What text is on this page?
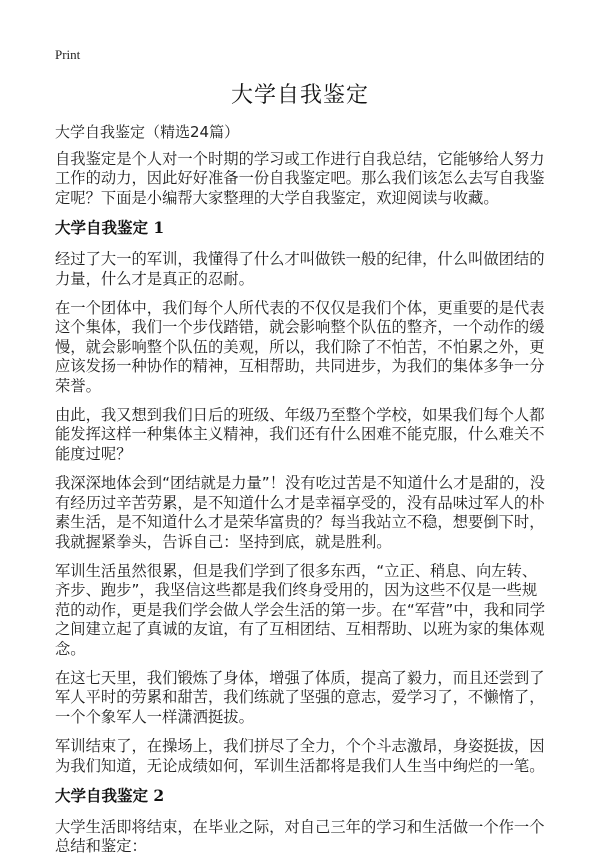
Print
大学自我鉴定
大学自我鉴定（精选24篇）

自我鉴定是个人对一个时期的学习或工作进行自我总结，它能够给人努力工作的动力，因此好好准备一份自我鉴定吧。那么我们该怎么去写自我鉴定呢？下面是小编帮大家整理的大学自我鉴定，欢迎阅读与收藏。

大学自我鉴定 1

经过了大一的军训，我懂得了什么才叫做铁一般的纪律，什么叫做团结的力量，什么才是真正的忍耐。

在一个团体中，我们每个人所代表的不仅仅是我们个体，更重要的是代表这个集体，我们一个步伐踏错，就会影响整个队伍的整齐，一个动作的缓慢，就会影响整个队伍的美观，所以，我们除了不怕苦，不怕累之外，更应该发扬一种协作的精神，互相帮助，共同进步，为我们的集体多争一分荣誉。

由此，我又想到我们日后的班级、年级乃至整个学校，如果我们每个人都能发挥这样一种集体主义精神，我们还有什么困难不能克服，什么难关不能度过呢？

我深深地体会到“团结就是力量”！没有吃过苦是不知道什么才是甜的，没有经历过辛苦劳累，是不知道什么才是幸福享受的，没有品味过军人的朴素生活，是不知道什么才是荣华富贵的？每当我站立不稳，想要倒下时，我就握紧拳头，告诉自己：坚持到底，就是胜利。

军训生活虽然很累，但是我们学到了很多东西，“立正、稍息、向左转、齐步、跑步”，我坚信这些都是我们终身受用的，因为这些不仅是一些规范的动作，更是我们学会做人学会生活的第一步。在“军营”中，我和同学之间建立起了真诚的友谊，有了互相团结、互相帮助、以班为家的集体观念。

在这七天里，我们锻炼了身体，增强了体质，提高了毅力，而且还尝到了军人平时的劳累和甜苦，我们练就了坚强的意志，爱学习了，不懒惰了，一个个象军人一样潇洒挺拔。

军训结束了，在操场上，我们拼尽了全力，个个斗志激昂，身姿挺拔，因为我们知道，无论成绩如何，军训生活都将是我们人生当中绚烂的一笔。

大学自我鉴定 2

大学生活即将结束，在毕业之际，对自己三年的学习和生活做一个作一个总结和鉴定：
